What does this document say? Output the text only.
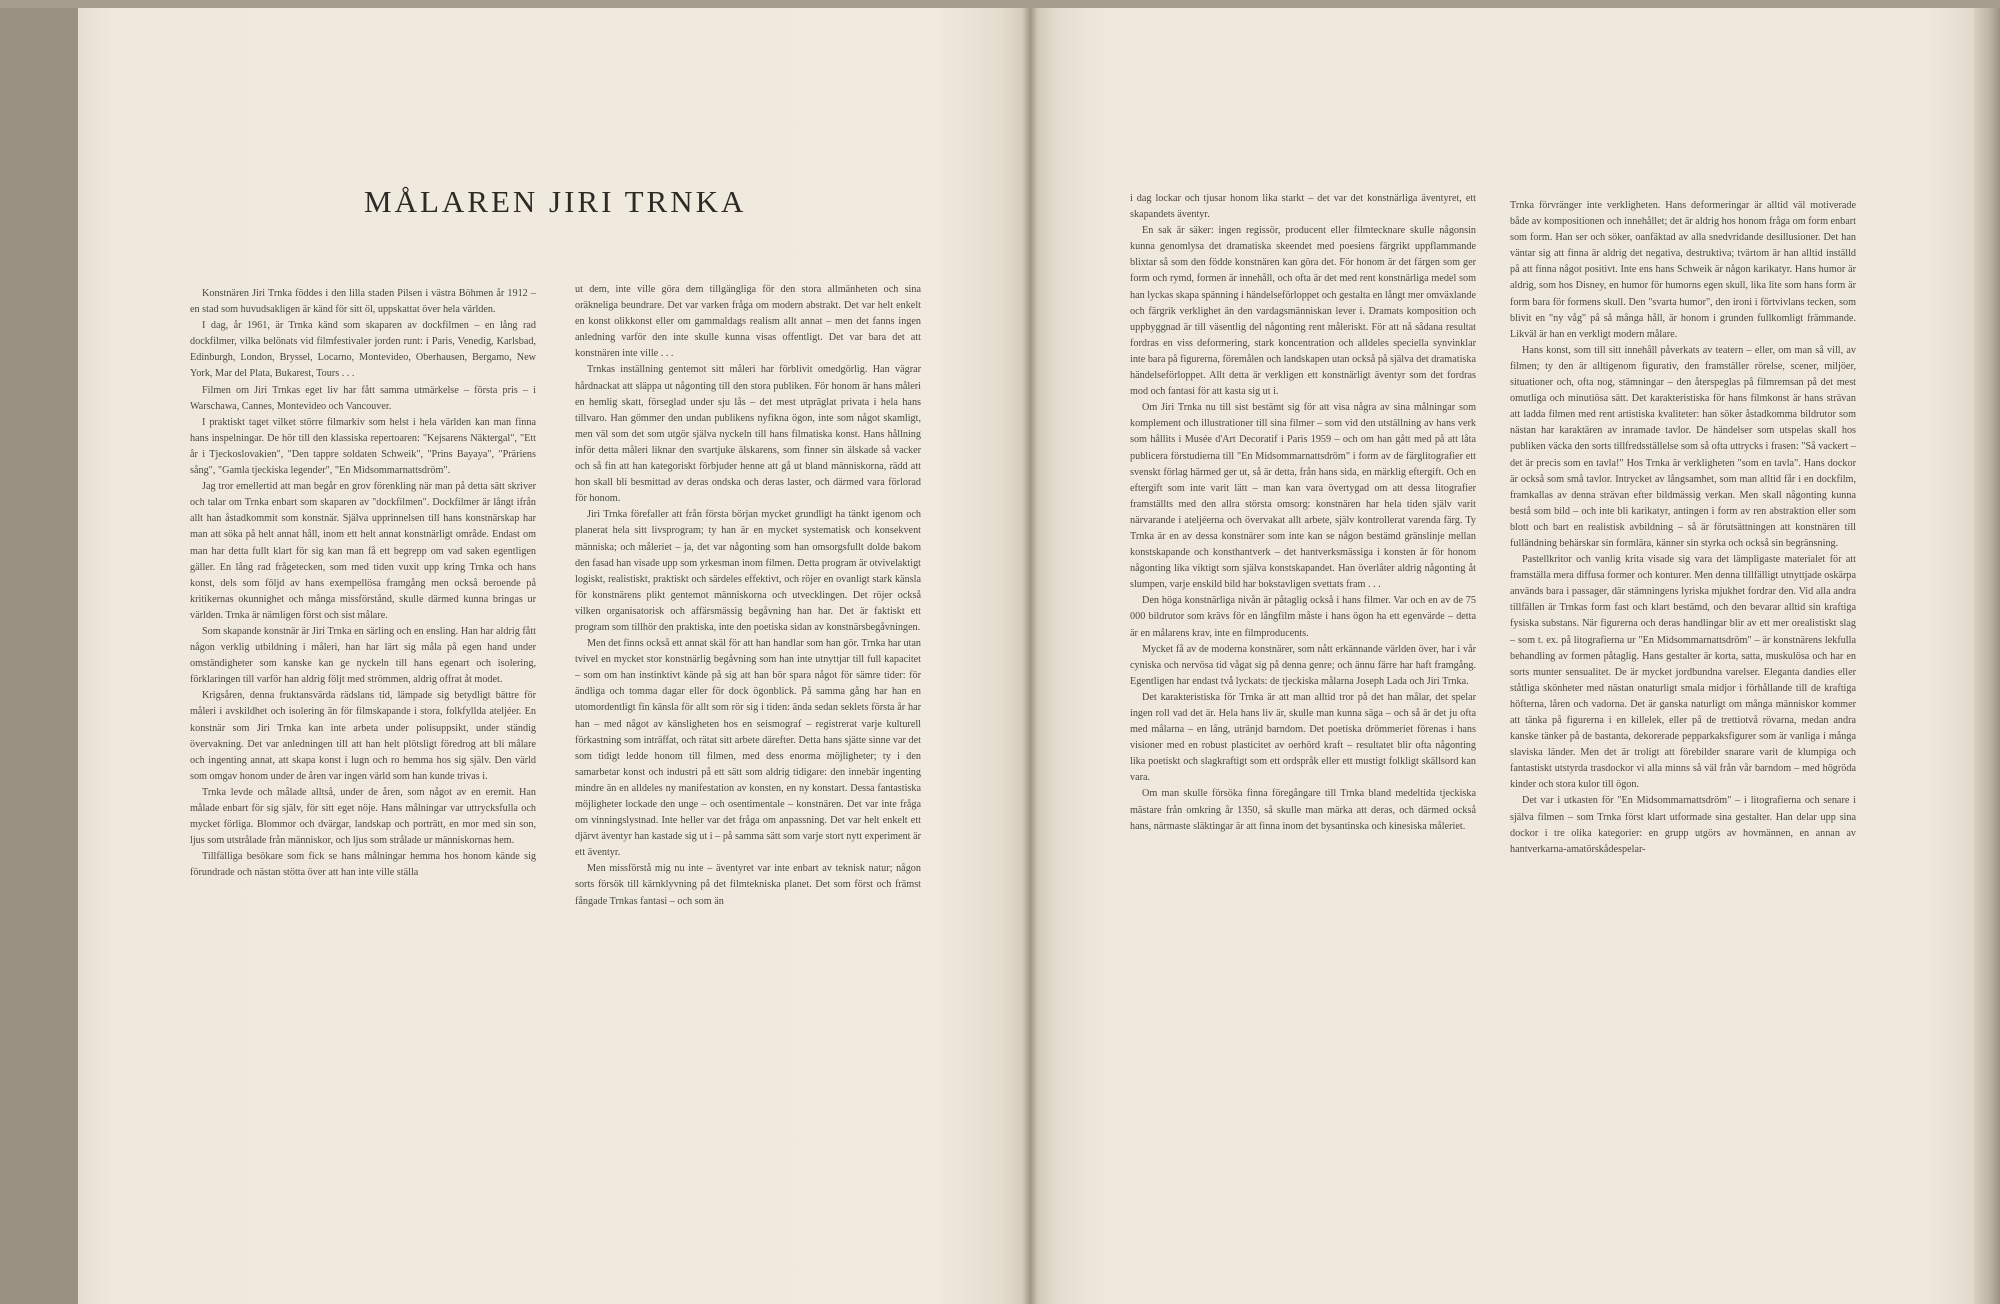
MÅLAREN JIRI TRNKA

Konstnären Jiri Trnka föddes i den lilla staden Pilsen i västra Böhmen år 1912 – en stad som huvudsakligen är känd för sitt öl, uppskattat över hela världen.

I dag, år 1961, är Trnka känd som skaparen av dockfilmen – en lång rad dockfilmer, vilka belönats vid filmfestivaler jorden runt: i Paris, Venedig, Karlsbad, Edinburgh, London, Bryssel, Locarno, Montevideo, Oberhausen, Bergamo, New York, Mar del Plata, Bukarest, Tours . . .

Filmen om Jiri Trnkas eget liv har fått samma utmärkelse – första pris – i Warschawa, Cannes, Montevideo och Vancouver.

I praktiskt taget vilket större filmarkiv som helst i hela världen kan man finna hans inspelningar. De hör till den klassiska repertoaren: "Kejsarens Näktergal", "Ett år i Tjeckoslovakien", "Den tappre soldaten Schweik", "Prins Bayaya", "Präriens sång", "Gamla tjeckiska legender", "En Midsommarnattsdröm".

Jag tror emellertid att man begår en grov förenkling när man på detta sätt skriver och talar om Trnka enbart som skaparen av "dockfilmen". Dockfilmer är långt ifrån allt han åstadkommit som konstnär. Själva upprinnelsen till hans konstnärskap har man att söka på helt annat håll, inom ett helt annat konstnärligt område. Endast om man har detta fullt klart för sig kan man få ett begrepp om vad saken egentligen gäller. En lång rad frågetecken, som med tiden vuxit upp kring Trnka och hans konst, dels som följd av hans exempellösa framgång men också beroende på kritikernas okunnighet och många missförstånd, skulle därmed kunna bringas ur världen. Trnka är nämligen först och sist målare.

Som skapande konstnär är Jiri Trnka en särling och en ensling. Han har aldrig fått någon verklig utbildning i måleri, han har lärt sig måla på egen hand under omständigheter som kanske kan ge nyckeln till hans egenart och isolering, förklaringen till varför han aldrig följt med strömmen, aldrig offrat åt modet.

Krigsåren, denna fruktansvärda rädslans tid, lämpade sig betydligt bättre för måleri i avskildhet och isolering än för filmskapande i stora, folkfyllda ateljéer. En konstnär som Jiri Trnka kan inte arbeta under polisuppsikt, under ständig övervakning. Det var anledningen till att han helt plötsligt föredrog att bli målare och ingenting annat, att skapa konst i lugn och ro hemma hos sig själv. Den värld som omgav honom under de åren var ingen värld som han kunde trivas i.

Trnka levde och målade alltså, under de åren, som något av en eremit. Han målade enbart för sig själv, för sitt eget nöje. Hans målningar var uttrycksfulla och mycket förliga. Blommor och dvärgar, landskap och porträtt, en mor med sin son, ljus som utstrålade från människor, och ljus som strålade ur människornas hem.

Tillfälliga besökare som fick se hans målningar hemma hos honom kände sig förundrade och nästan stötta över att han inte ville ställa

ut dem, inte ville göra dem tillgängliga för den stora allmänheten och sina oräkneliga beundrare. Det var varken fråga om modern abstrakt. Det var helt enkelt en konst olikkonst eller om gammaldags realism allt annat – men det fanns ingen anledning varför den inte skulle kunna visas offentligt. Det var bara det att konstnären inte ville . . .

Trnkas inställning gentemot sitt måleri har förblivit omedgörlig. Han vägrar hårdnackat att släppa ut någonting till den stora publiken. För honom är hans måleri en hemlig skatt, förseglad under sju lås – det mest utpräglat privata i hela hans tillvaro. Han gömmer den undan publikens nyfikna ögon, inte som något skamligt, men väl som det som utgör själva nyckeln till hans filmatiska konst. Hans hållning inför detta måleri liknar den svartjuke älskarens, som finner sin älskade så vacker och så fin att han kategoriskt förbjuder henne att gå ut bland människorna, rädd att hon skall bli besmittad av deras ondska och deras laster, och därmed vara förlorad för honom.

Jiri Trnka förefaller att från första början mycket grundligt ha tänkt igenom och planerat hela sitt livsprogram; ty han är en mycket systematisk och konsekvent människa; och måleriet – ja, det var någonting som han omsorgsfullt dolde bakom den fasad han visade upp som yrkesman inom filmen. Detta program är otvivelaktigt logiskt, realistiskt, praktiskt och särdeles effektivt, och röjer en ovanligt stark känsla för konstnärens plikt gentemot människorna och utvecklingen. Det röjer också vilken organisatorisk och affärsmässig begåvning han har. Det är faktiskt ett program som tillhör den praktiska, inte den poetiska sidan av konstnärsbegåvningen.

Men det finns också ett annat skäl för att han handlar som han gör. Trnka har utan tvivel en mycket stor konstnärlig begåvning som han inte utnyttjar till full kapacitet – som om han instinktivt kände på sig att han bör spara något för sämre tider: för ändliga och tomma dagar eller för dock ögonblick. På samma gång har han en utomordentligt fin känsla för allt som rör sig i tiden: ända sedan seklets första år har han – med något av känsligheten hos en seismograf – registrerat varje kulturell förkastning som inträffat, och rätat sitt arbete därefter. Detta hans sjätte sinne var det som tidigt ledde honom till filmen, med dess enorma möjligheter; ty i den samarbetar konst och industri på ett sätt som aldrig tidigare: den innebär ingenting mindre än en alldeles ny manifestation av konsten, en ny konstart. Dessa fantastiska möjligheter lockade den unge – och osentimentale – konstnären. Det var inte fråga om vinningslystnad. Inte heller var det fråga om anpassning. Det var helt enkelt ett djärvt äventyr han kastade sig ut i – på samma sätt som varje stort nytt experiment är ett äventyr.

Men missförstå mig nu inte – äventyret var inte enbart av teknisk natur; någon sorts försök till kärnklyvning på det filmtekniska planet. Det som först och främst fångade Trnkas fantasi – och som än

i dag lockar och tjusar honom lika starkt – det var det konstnärliga äventyret, ett skapandets äventyr.

En sak är säker: ingen regissör, producent eller filmtecknare skulle någonsin kunna genomlysa det dramatiska skeendet med poesiens färgrikt uppflammande blixtar så som den födde konstnären kan göra det. För honom är det färgen som ger form och rymd, formen är innehåll, och ofta är det med rent konstnärliga medel som han lyckas skapa spänning i händelseförloppet och gestalta en långt mer omväxlande och färgrik verklighet än den vardagsmänniskan lever i. Dramats komposition och uppbyggnad är till väsentlig del någonting rent måleriskt. För att nå sådana resultat fordras en viss deformering, stark koncentration och alldeles speciella synvinklar inte bara på figurerna, föremålen och landskapen utan också på själva det dramatiska händelseförloppet. Allt detta är verkligen ett konstnärligt äventyr som det fordras mod och fantasi för att kasta sig ut i.

Om Jiri Trnka nu till sist bestämt sig för att visa några av sina målningar som komplement och illustrationer till sina filmer – som vid den utställning av hans verk som hållits i Musée d'Art Decoratif i Paris 1959 – och om han gått med på att låta publicera förstudierna till "En Midsommarnattsdröm" i form av de färglitografier ett svenskt förlag härmed ger ut, så är detta, från hans sida, en märklig eftergift. Och en eftergift som inte varit lätt – man kan vara övertygad om att dessa litografier framställts med den allra största omsorg: konstnären har hela tiden själv varit närvarande i ateljéerna och övervakat allt arbete, själv kontrollerat varenda färg. Ty Trnka är en av dessa konstnärer som inte kan se någon bestämd gränslinje mellan konstskapande och konsthantverk – det hantverksmässiga i konsten är för honom någonting lika viktigt som själva konstskapandet. Han överlåter aldrig någonting åt slumpen, varje enskild bild har bokstavligen svettats fram . . .

Den höga konstnärliga nivån är påtaglig också i hans filmer. Var och en av de 75 000 bildrutor som krävs för en långfilm måste i hans ögon ha ett egenvärde – detta är en målarens krav, inte en filmproducents.

Mycket få av de moderna konstnärer, som nått erkännande världen över, har i vår cyniska och nervösa tid vågat sig på denna genre; och ännu färre har haft framgång. Egentligen har endast två lyckats: de tjeckiska målarna Joseph Lada och Jiri Trnka.

Det karakteristiska för Trnka är att man alltid tror på det han målar, det spelar ingen roll vad det är. Hela hans liv är, skulle man kunna säga – och så är det ju ofta med målarna – en lång, utränjd barndom. Det poetiska drömmeriet förenas i hans visioner med en robust plasticitet av oerhörd kraft – resultatet blir ofta någonting lika poetiskt och slagkraftigt som ett ordspråk eller ett mustigt folkligt skällsord kan vara.

Om man skulle försöka finna föregångare till Trnka bland medeltida tjeckiska mästare från omkring år 1350, så skulle man märka att deras, och därmed också hans, närmaste släktingar är att finna inom det bysantinska och kinesiska måleriet.

Trnka förvränger inte verkligheten. Hans deformeringar är alltid väl motiverade både av kompositionen och innehållet; det är aldrig hos honom fråga om form enbart som form. Han ser och söker, oanfäktad av alla snedvridande desillusioner. Det han väntar sig att finna är aldrig det negativa, destruktiva; tvärtom är han alltid inställd på att finna något positivt. Inte ens hans Schweik är någon karikatyr. Hans humor är aldrig, som hos Disney, en humor för humorns egen skull, lika lite som hans form är form bara för formens skull. Den "svarta humor", den ironi i förtvivlans tecken, som blivit en "ny våg" på så många håll, är honom i grunden fullkomligt främmande. Likväl är han en verkligt modern målare.

Hans konst, som till sitt innehåll påverkats av teatern – eller, om man så vill, av filmen; ty den är alltigenom figurativ, den framställer rörelse, scener, miljöer, situationer och, ofta nog, stämningar – den återspeglas på filmremsan på det mest omutliga och minutiösa sätt. Det karakteristiska för hans filmkonst är hans strävan att ladda filmen med rent artistiska kvaliteter: han söker åstadkomma bildrutor som nästan har karaktären av inramade tavlor. De händelser som utspelas skall hos publiken väcka den sorts tillfredsställelse som så ofta uttrycks i frasen: "Så vackert – det är precis som en tavla!" Hos Trnka är verkligheten "som en tavla". Hans dockor är också som små tavlor. Intrycket av långsamhet, som man alltid får i en dockfilm, framkallas av denna strävan efter bildmässig verkan. Men skall någonting kunna bestå som bild – och inte bli karikatyr, antingen i form av ren abstraktion eller som blott och bart en realistisk avbildning – så är förutsättningen att konstnären till fulländning behärskar sin formlära, känner sin styrka och också sin begränsning.

Pastellkritor och vanlig krita visade sig vara det lämpligaste materialet för att framställa mera diffusa former och konturer. Men denna tillfälligt utnyttjade oskärpa används bara i passager, där stämningens lyriska mjukhet fordrar den. Vid alla andra tillfällen är Trnkas form fast och klart bestämd, och den bevarar alltid sin kraftiga fysiska substans. När figurerna och deras handlingar blir av ett mer orealistiskt slag – som t. ex. på litografierna ur "En Midsommarnattsdröm" – är konstnärens lekfulla behandling av formen påtaglig. Hans gestalter är korta, satta, muskulösa och har en sorts munter sensualitet. De är mycket jordbundna varelser. Eleganta dandies eller ståtliga skönheter med nästan onaturligt smala midjor i förhållande till de kraftiga höfterna, låren och vadorna. Det är ganska naturligt om många människor kommer att tänka på figurerna i en killelek, eller på de trettiotvå rövarna, medan andra kanske tänker på de bastanta, dekorerade pepparkaksfigurer som är vanliga i många slaviska länder. Men det är troligt att förebilder snarare varit de klumpiga och fantastiskt utstyrda trasdockor vi alla minns så väl från vår barndom – med högröda kinder och stora kulor till ögon.

Det var i utkasten för "En Midsommarnattsdröm" – i litografierna och senare i själva filmen – som Trnka först klart utformade sina gestalter. Han delar upp sina dockor i tre olika kategorier: en grupp utgörs av hovmännen, en annan av hantverkarna-amatörskådespelar-
